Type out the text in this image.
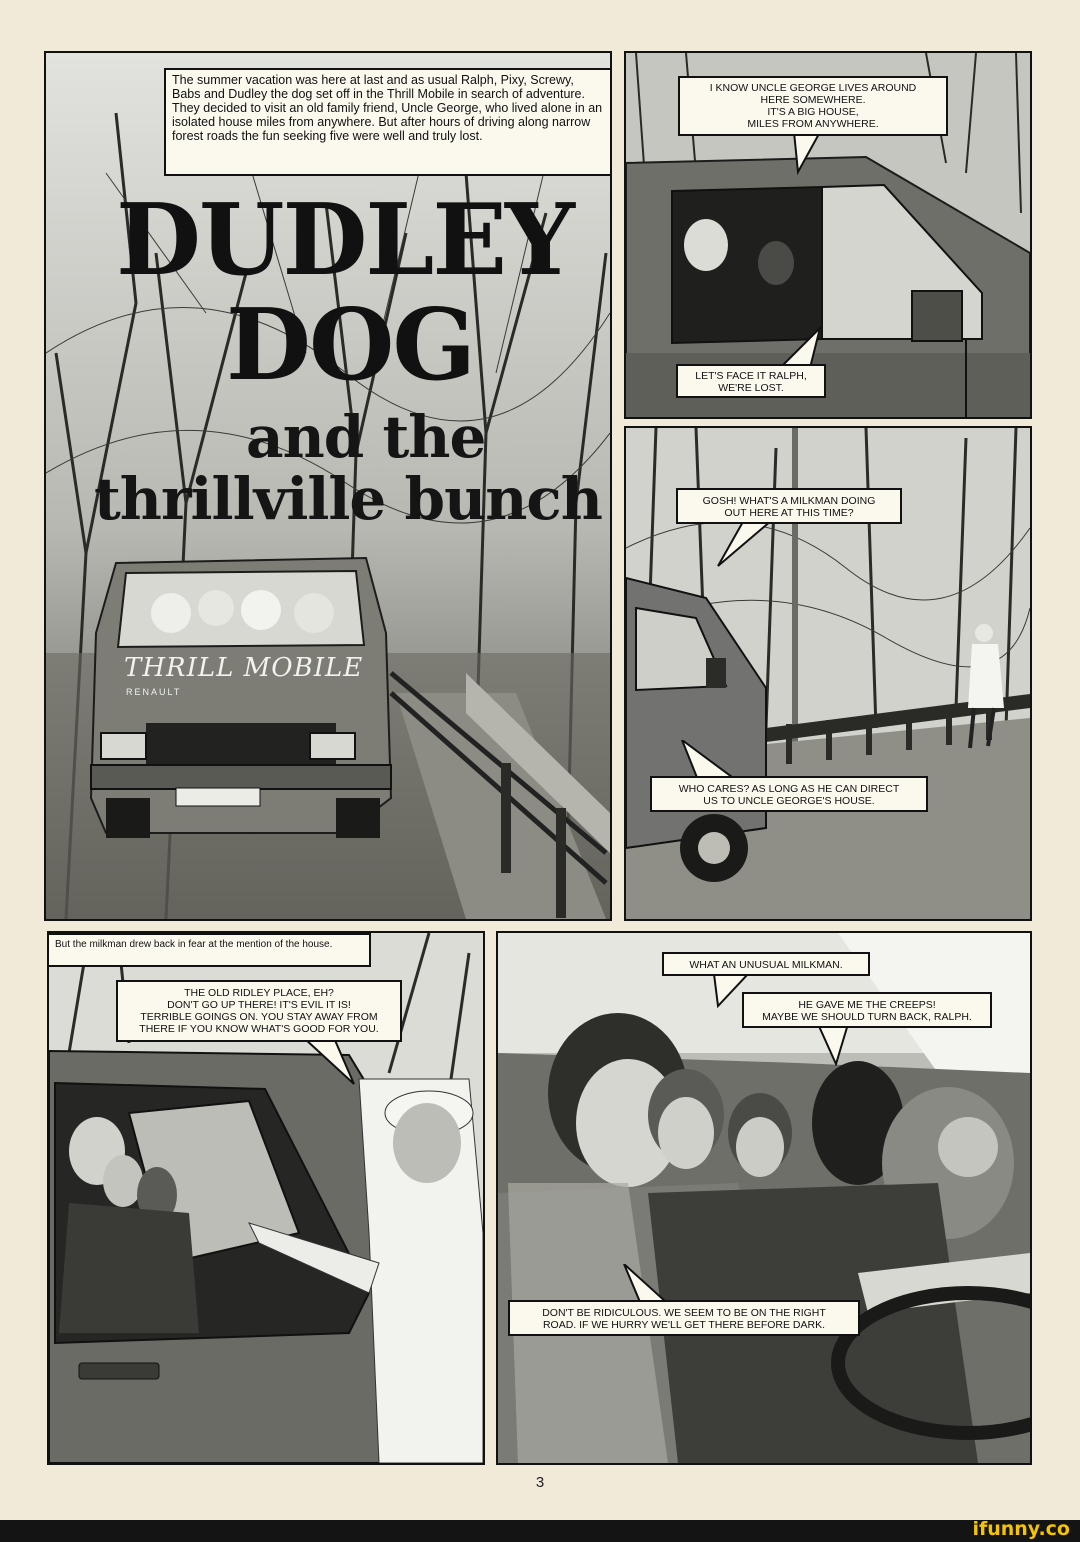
DUDLEY
DOG
and the
thrillville bunch
THRILL MOBILE
RENAULT
The summer vacation was here at last and as usual Ralph, Pixy, Screwy, Babs and Dudley the dog set off in the Thrill Mobile in search of adventure. They decided to visit an old family friend, Uncle George, who lived alone in an isolated house miles from anywhere. But after hours of driving along narrow forest roads the fun seeking five were well and truly lost.
I KNOW UNCLE GEORGE LIVES AROUND
HERE SOMEWHERE.
IT'S A BIG HOUSE,
MILES FROM ANYWHERE.
LET'S FACE IT RALPH,
WE'RE LOST.
GOSH! WHAT'S A MILKMAN DOING
OUT HERE AT THIS TIME?
WHO CARES? AS LONG AS HE CAN DIRECT
US TO UNCLE GEORGE'S HOUSE.
But the milkman drew back in fear at the mention of the house.
THE OLD RIDLEY PLACE, EH?
DON'T GO UP THERE! IT'S EVIL IT IS!
TERRIBLE GOINGS ON. YOU STAY AWAY FROM
THERE IF YOU KNOW WHAT'S GOOD FOR YOU.
WHAT AN UNUSUAL MILKMAN.
HE GAVE ME THE CREEPS!
MAYBE WE SHOULD TURN BACK, RALPH.
DON'T BE RIDICULOUS. WE SEEM TO BE ON THE RIGHT
ROAD. IF WE HURRY WE'LL GET THERE BEFORE DARK.
3
ifunny.co
